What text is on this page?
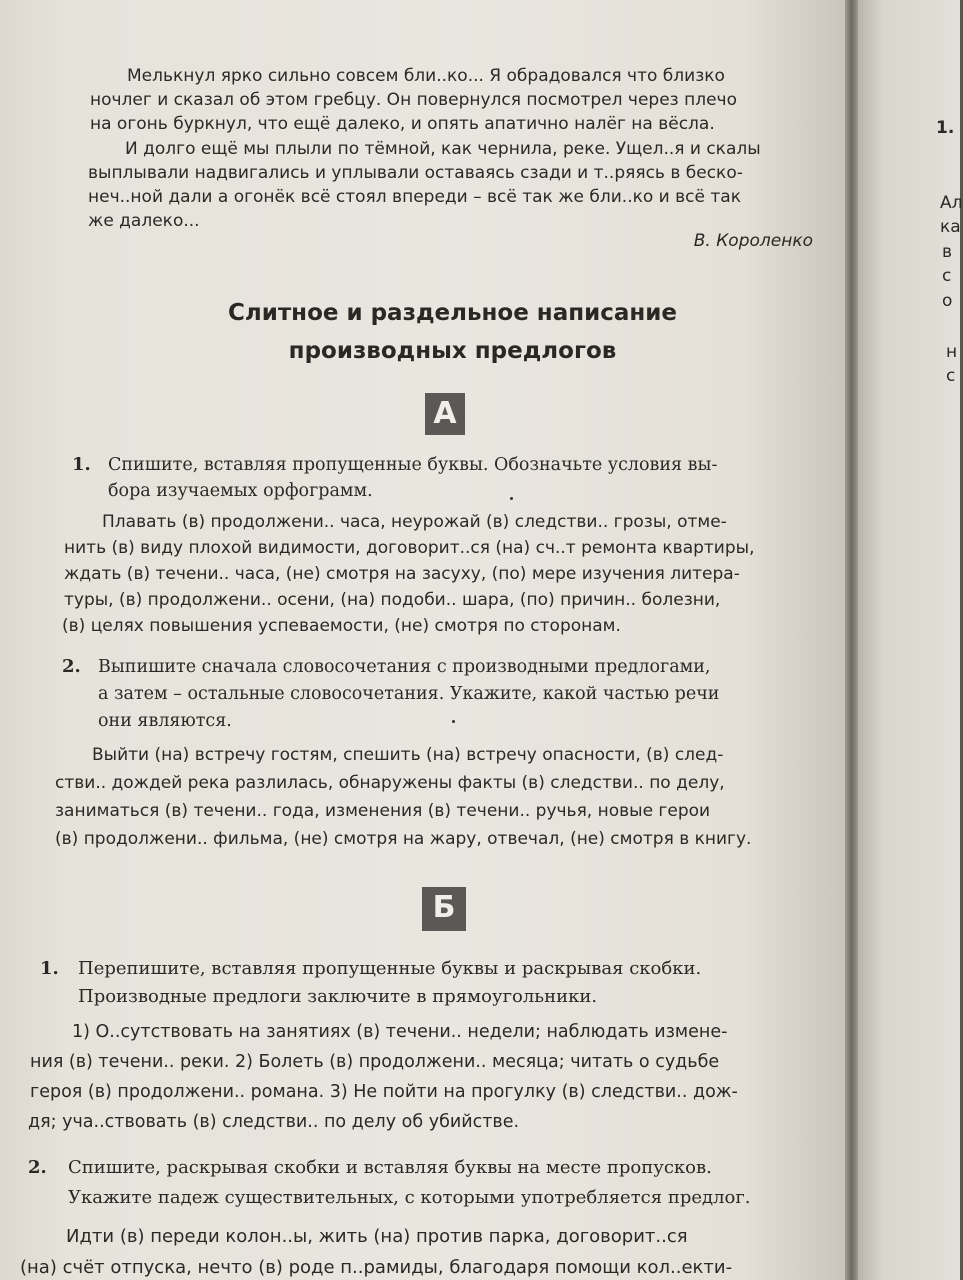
Мелькнул ярко сильно совсем бли..ко... Я обрадовался что близко
ночлег и сказал об этом гребцу. Он повернулся посмотрел через плечо
на огонь буркнул, что ещё далеко, и опять апатично налёг на вёсла.
И долго ещё мы плыли по тёмной, как чернила, реке. Ущел..я и скалы
выплывали надвигались и уплывали оставаясь сзади и т..ряясь в беско-
неч..ной дали а огонёк всё стоял впереди – всё так же бли..ко и всё так
же далеко...
В. Короленко
Слитное и раздельное написание
производных предлогов
А
1. Спишите, вставляя пропущенные буквы. Обозначьте условия вы-
бора изучаемых орфограмм.
Плавать (в) продолжени.. часа, неурожай (в) следстви.. грозы, отме-
нить (в) виду плохой видимости, договорит..ся (на) сч..т ремонта квартиры,
ждать (в) течени.. часа, (не) смотря на засуху, (по) мере изучения литера-
туры, (в) продолжени.. осени, (на) подоби.. шара, (по) причин.. болезни,
(в) целях повышения успеваемости, (не) смотря по сторонам.
2. Выпишите сначала словосочетания с производными предлогами,
а затем – остальные словосочетания. Укажите, какой частью речи
они являются.
Выйти (на) встречу гостям, спешить (на) встречу опасности, (в) след-
стви.. дождей река разлилась, обнаружены факты (в) следстви.. по делу,
заниматься (в) течени.. года, изменения (в) течени.. ручья, новые герои
(в) продолжени.. фильма, (не) смотря на жару, отвечал, (не) смотря в книгу.
Б
1. Перепишите, вставляя пропущенные буквы и раскрывая скобки.
Производные предлоги заключите в прямоугольники.
1) О..сутствовать на занятиях (в) течени.. недели; наблюдать измене-
ния (в) течени.. реки. 2) Болеть (в) продолжени.. месяца; читать о судьбе
героя (в) продолжени.. романа. 3) Не пойти на прогулку (в) следстви.. дож-
дя; уча..ствовать (в) следстви.. по делу об убийстве.
2. Спишите, раскрывая скобки и вставляя буквы на месте пропусков.
Укажите падеж существительных, с которыми употребляется предлог.
Идти (в) переди колон..ы, жить (на) против парка, договорит..ся
(на) счёт отпуска, нечто (в) роде п..рамиды, благодаря помощи кол..екти-
1.
Ал
ка
в
с
о
н
с
